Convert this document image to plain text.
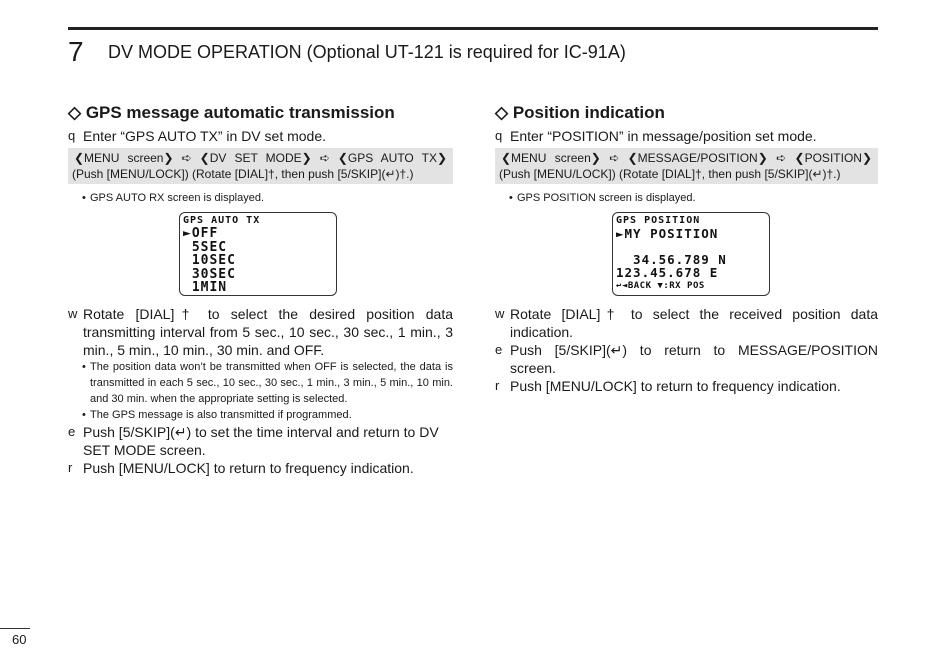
7 DV MODE OPERATION (Optional UT-121 is required for IC-91A)
◇ GPS message automatic transmission

q Enter “GPS AUTO TX” in DV set mode.

❮MENU screen❯ ➪ ❮DV SET MODE❯ ➪ ❮GPS AUTO TX❯
(Push [MENU/LOCK]) (Rotate [DIAL]†, then push [5/SKIP](↵)†.)

• GPS AUTO RX screen is displayed.

GPS AUTO TX
►OFF
5SEC
10SEC
30SEC
1MIN

w Rotate [DIAL]† to select the desired position data transmitting interval from 5 sec., 10 sec., 30 sec., 1 min., 3 min., 5 min., 10 min., 30 min. and OFF.

• The position data won’t be transmitted when OFF is selected, the data is transmitted in each 5 sec., 10 sec., 30 sec., 1 min., 3 min., 5 min., 10 min. and 30 min. when the appropriate setting is selected.

• The GPS message is also transmitted if programmed.

e Push [5/SKIP](↵) to set the time interval and return to DV SET MODE screen.

r Push [MENU/LOCK] to return to frequency indication.

◇ Position indication

q Enter “POSITION” in message/position set mode.

❮MENU screen❯ ➪ ❮MESSAGE/POSITION❯ ➪ ❮POSITION❯
(Push [MENU/LOCK]) (Rotate [DIAL]†, then push [5/SKIP](↵)†.)

• GPS POSITION screen is displayed.

GPS POSITION
►MY POSITION
34.56.789 N
123.45.678 E
↩◄BACK ▼:RX POS

w Rotate [DIAL]† to select the received position data indication.

e Push [5/SKIP](↵) to return to MESSAGE/POSITION screen.

r Push [MENU/LOCK] to return to frequency indication.

60
